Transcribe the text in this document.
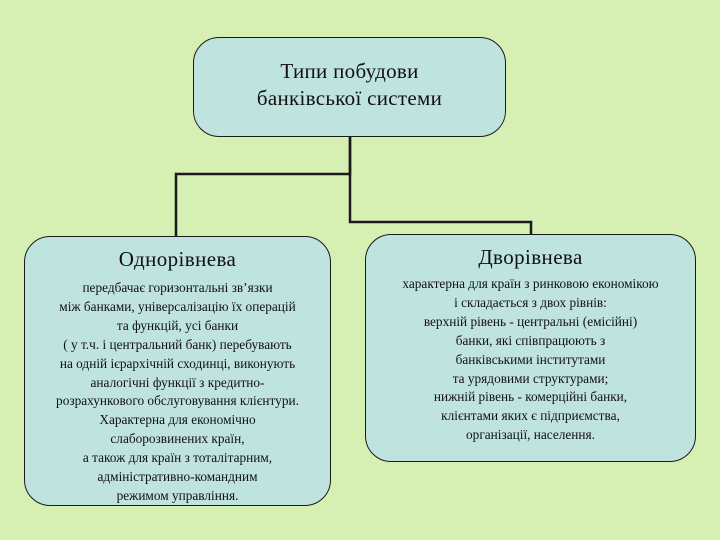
Типи побудови
банківської системи
Однорівнева
передбачає горизонтальні зв’язки
між банками, універсалізацію їх операцій
та функцій, усі банки
( у т.ч. і центральний банк) перебувають
на одній ієрархічній сходинці, виконують
аналогічні функції з кредитно-
розрахункового обслуговування клієнтури.
Характерна для економічно
слаборозвинених країн,
а також для країн з тоталітарним,
адміністративно-командним
режимом управління.
Дворівнева
характерна для країн з ринковою економікою
і складається з двох рівнів:
верхній рівень - центральні (емісійні)
банки, які співпрацюють з
банківськими інститутами
та урядовими структурами;
нижній рівень - комерційні банки,
клієнтами яких є підприємства,
організації, населення.
